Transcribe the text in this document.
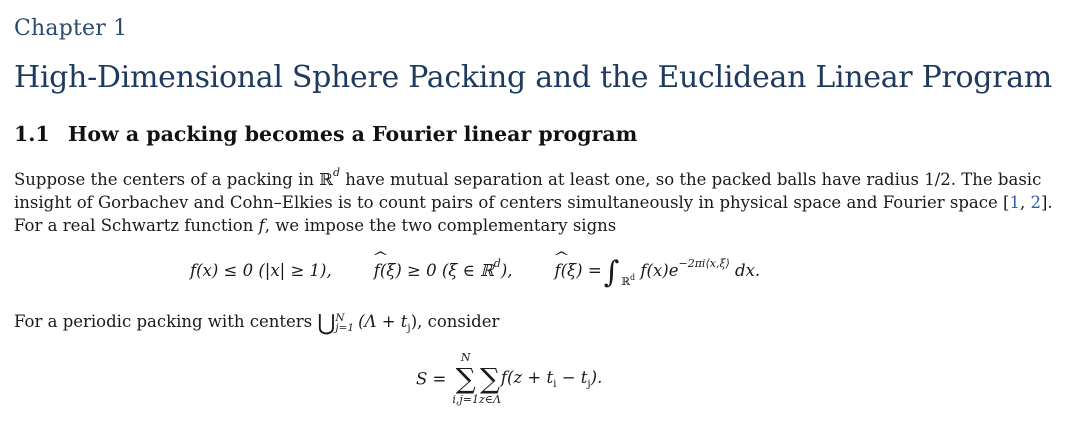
Chapter 1
High-Dimensional Sphere Packing and the Euclidean Linear Program
1.1 How a packing becomes a Fourier linear program
Suppose the centers of a packing in ℝ$^d$ have mutual separation at least one, so the packed balls have radius 1/2. The basic
insight of Gorbachev and Cohn–Elkies is to count pairs of centers simultaneously in physical space and Fourier space [1, 2].
For a real Schwartz function f, we impose the two complementary signs
f(x) ≤ 0 (|x| ≥ 1),	^ f(ξ) ≥ 0 (ξ ∈ ℝ$^d$),	^ f(ξ) =∫ $_{ℝ^d}$ $f(x)e^{-2\pi i⟨x,\xi⟩}$ dx.
For a periodic packing with centers ⋃ N
j=1 $(\Lambda + t_j)$, consider
S =
N
∑
i,j=1

∑
z∈Λ
$f(z + t_i - t_j)$.
